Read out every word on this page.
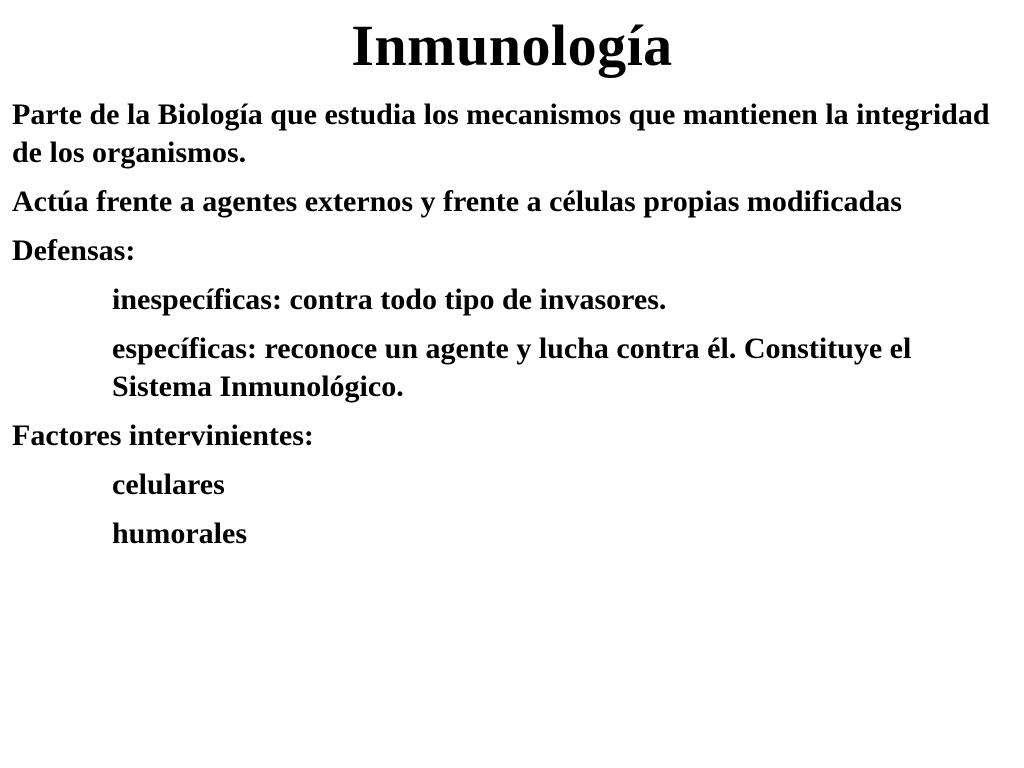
Inmunología

Parte de la Biología que estudia los mecanismos que mantienen la integridad de los organismos.

Actúa frente a agentes externos y frente a células propias modificadas

Defensas:

inespecíficas: contra todo tipo de invasores.

específicas: reconoce un agente y lucha contra él. Constituye el Sistema Inmunológico.

Factores intervinientes:

celulares

humorales
